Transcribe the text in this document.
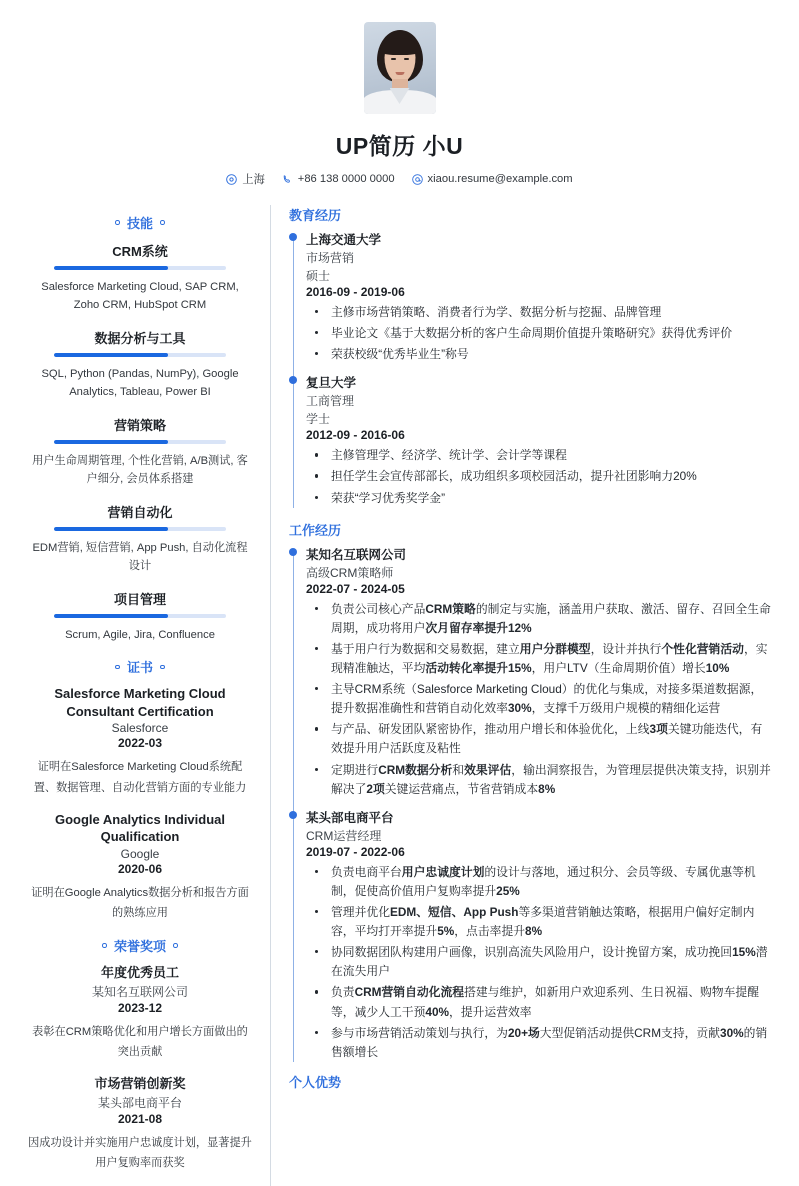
UP简历 小U
上海	+86 138 0000 0000	xiaou.resume@example.com
技能
CRM系统
Salesforce Marketing Cloud, SAP CRM, Zoho CRM, HubSpot CRM
数据分析与工具
SQL, Python (Pandas, NumPy), Google Analytics, Tableau, Power BI
营销策略
用户生命周期管理, 个性化营销, A/B测试, 客户细分, 会员体系搭建
营销自动化
EDM营销, 短信营销, App Push, 自动化流程设计
项目管理
Scrum, Agile, Jira, Confluence
证书
Salesforce Marketing Cloud Consultant Certification
Salesforce
2022-03
证明在Salesforce Marketing Cloud系统配置、数据管理、自动化营销方面的专业能力
Google Analytics Individual Qualification
Google
2020-06
证明在Google Analytics数据分析和报告方面的熟练应用
荣誉奖项
年度优秀员工
某知名互联网公司
2023-12
表彰在CRM策略优化和用户增长方面做出的突出贡献
市场营销创新奖
某头部电商平台
2021-08
因成功设计并实施用户忠诚度计划，显著提升用户复购率而获奖
教育经历
上海交通大学
市场营销
硕士
2016-09 - 2019-06
主修市场营销策略、消费者行为学、数据分析与挖掘、品牌管理
毕业论文《基于大数据分析的客户生命周期价值提升策略研究》获得优秀评价
荣获校级“优秀毕业生”称号
复旦大学
工商管理
学士
2012-09 - 2016-06
主修管理学、经济学、统计学、会计学等课程
担任学生会宣传部部长，成功组织多项校园活动，提升社团影响力20%
荣获“学习优秀奖学金”
工作经历
某知名互联网公司
高级CRM策略师
2022-07 - 2024-05
负责公司核心产品CRM策略的制定与实施，涵盖用户获取、激活、留存、召回全生命周期，成功将用户次月留存率提升12%
基于用户行为数据和交易数据，建立用户分群模型，设计并执行个性化营销活动，实现精准触达，平均活动转化率提升15%，用户LTV（生命周期价值）增长10%
主导CRM系统（Salesforce Marketing Cloud）的优化与集成，对接多渠道数据源，提升数据准确性和营销自动化效率30%，支撑千万级用户规模的精细化运营
与产品、研发团队紧密协作，推动用户增长和体验优化，上线3项关键功能迭代，有效提升用户活跃度及粘性
定期进行CRM数据分析和效果评估，输出洞察报告，为管理层提供决策支持，识别并解决了2项关键运营痛点，节省营销成本8%
某头部电商平台
CRM运营经理
2019-07 - 2022-06
负责电商平台用户忠诚度计划的设计与落地，通过积分、会员等级、专属优惠等机制，促使高价值用户复购率提升25%
管理并优化EDM、短信、App Push等多渠道营销触达策略，根据用户偏好定制内容，平均打开率提升5%，点击率提升8%
协同数据团队构建用户画像，识别高流失风险用户，设计挽留方案，成功挽回15%潜在流失用户
负责CRM营销自动化流程搭建与维护，如新用户欢迎系列、生日祝福、购物车提醒等，减少人工干预40%，提升运营效率
参与市场营销活动策划与执行，为20+场大型促销活动提供CRM支持，贡献30%的销售额增长
个人优势
